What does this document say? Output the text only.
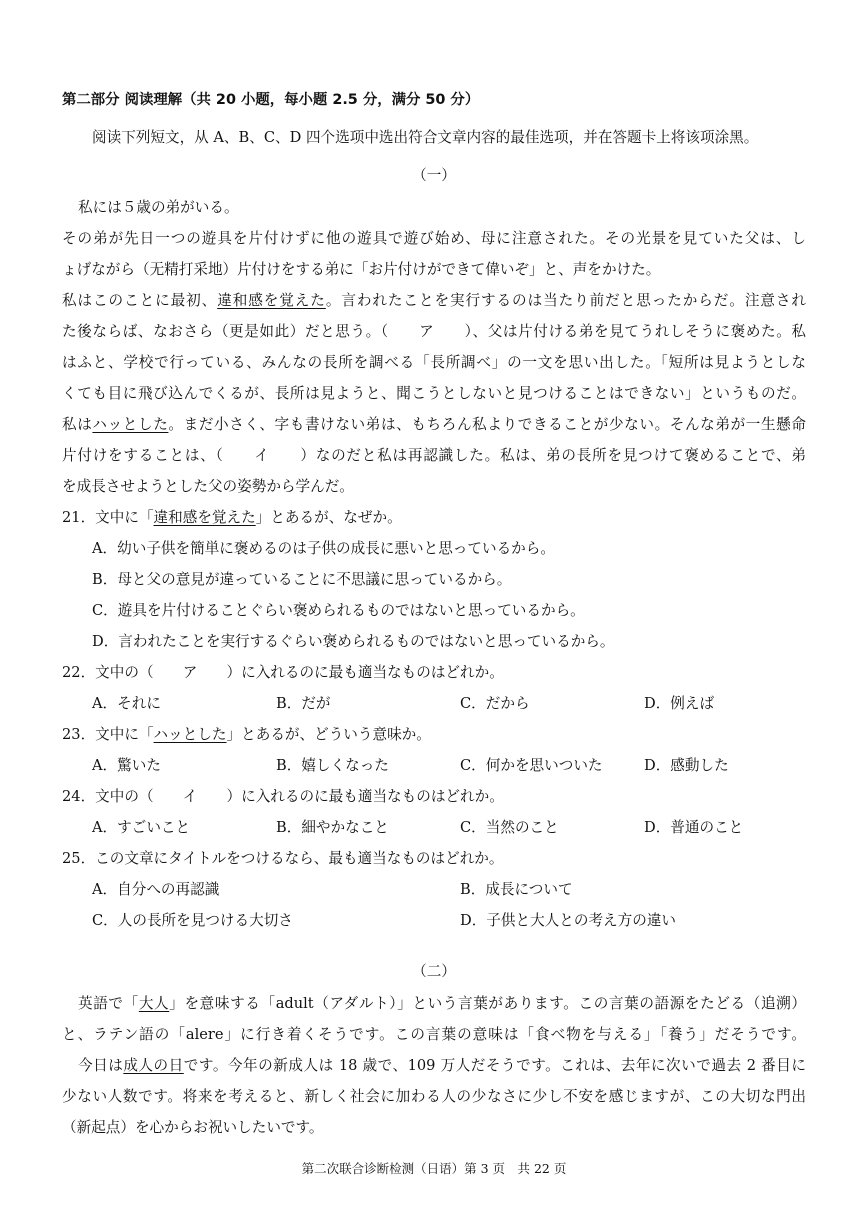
第二部分 阅读理解（共 20 小题，每小题 2.5 分，满分 50 分）
阅读下列短文，从 A、B、C、D 四个选项中选出符合文章内容的最佳选项，并在答题卡上将该项涂黑。
（一）
私には５歳の弟がいる。
その弟が先日一つの遊具を片付けずに他の遊具で遊び始め、母に注意された。その光景を見ていた父は、し
ょげながら（无精打采地）片付けをする弟に「お片付けができて偉いぞ」と、声をかけた。
私はこのことに最初、違和感を覚えた。言われたことを実行するのは当たり前だと思ったからだ。注意され
た後ならば、なおさら（更是如此）だと思う。（　　ア　　）、父は片付ける弟を見てうれしそうに褒めた。私
はふと、学校で行っている、みんなの長所を調べる「長所調べ」の一文を思い出した。「短所は見ようとしな
くても目に飛び込んでくるが、長所は見ようと、聞こうとしないと見つけることはできない」というものだ。
私はハッとした。まだ小さく、字も書けない弟は、もちろん私よりできることが少ない。そんな弟が一生懸命
片付けをすることは、（　　イ　　）なのだと私は再認識した。私は、弟の長所を見つけて褒めることで、弟
を成長させようとした父の姿勢から学んだ。
21．文中に「違和感を覚えた」とあるが、なぜか。
A．幼い子供を簡単に褒めるのは子供の成長に悪いと思っているから。
B．母と父の意見が違っていることに不思議に思っているから。
C．遊具を片付けることぐらい褒められるものではないと思っているから。
D．言われたことを実行するぐらい褒められるものではないと思っているから。
22．文中の（　　ア　　）に入れるのに最も適当なものはどれか。
A．それに	B．だが	C．だから	D．例えば
23．文中に「ハッとした」とあるが、どういう意味か。
A．驚いた	B．嬉しくなった	C．何かを思いついた	D．感動した
24．文中の（　　イ　　）に入れるのに最も適当なものはどれか。
A．すごいこと	B．細やかなこと	C．当然のこと	D．普通のこと
25．この文章にタイトルをつけるなら、最も適当なものはどれか。
A．自分への再認識	B．成長について
C．人の長所を見つける大切さ	D．子供と大人との考え方の違い
（二）
英語で「大人」を意味する「adult（アダルト）」という言葉があります。この言葉の語源をたどる（追溯）
と、ラテン語の「alere」に行き着くそうです。この言葉の意味は「食べ物を与える」「養う」だそうです。
今日は成人の日です。今年の新成人は 18 歳で、109 万人だそうです。これは、去年に次いで過去 2 番目に
少ない人数です。将来を考えると、新しく社会に加わる人の少なさに少し不安を感じますが、この大切な門出
（新起点）を心からお祝いしたいです。
第二次联合诊断检测（日语）第 3 页　共 22 页
